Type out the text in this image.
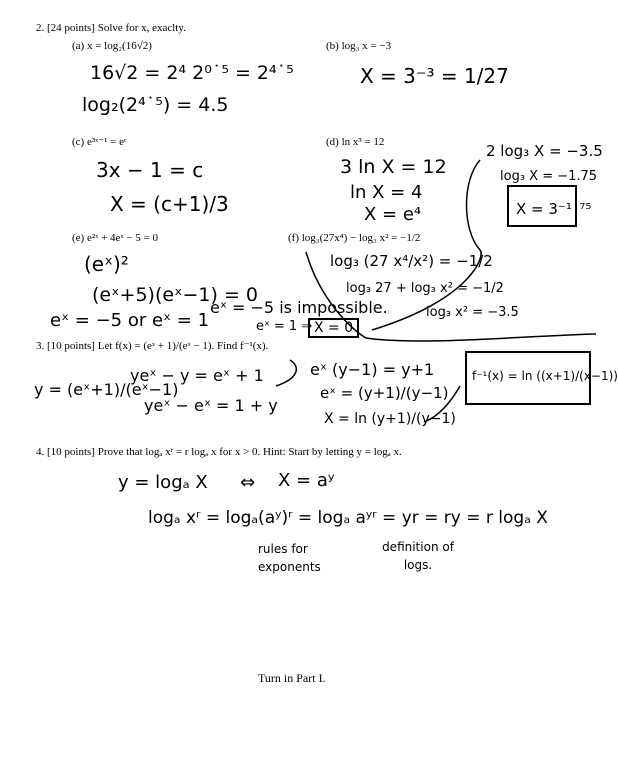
2. [24 points] Solve for x, exaclty.
(a) x = log₂(16√2)	(b) log₃ x = −3
(c) e³ˣ⁻¹ = eᶜ	(d) ln x³ = 12
(e) e²ˣ + 4eˣ − 5 = 0	(f) log₃(27x⁴) − log₃ x² = −1/2
16√2 = 2⁴ 2⁰˙⁵ = 2⁴˙⁵
log₂(2⁴˙⁵) = 4.5
X = 3⁻³ = 1/27
3x − 1 = c
X = (c+1)/3
3 ln X = 12
ln X = 4
X = e⁴
(eˣ)²
(eˣ+5)(eˣ−1) = 0
eˣ = −5 or eˣ = 1
eˣ = −5 is impossible.
eˣ = 1 ⇒ X = 0
log₃ (27 x⁴/x²) = −1/2
log₃ 27 + log₃ x² = −1/2
log₃ x² = −3.5
2 log₃ X = −3.5
log₃ X = −1.75
X = 3⁻¹˙⁷⁵
3. [10 points] Let f(x) = (eˣ + 1)/(eˣ − 1). Find f⁻¹(x).
y = (eˣ+1)/(eˣ−1)
yeˣ − y = eˣ + 1
yeˣ − eˣ = 1 + y
eˣ (y−1) = y+1
eˣ = (y+1)/(y−1)
X = ln (y+1)/(y−1)
f⁻¹(x) = ln ((x+1)/(x−1))
4. [10 points] Prove that logₐ xʳ = r logₐ x for x > 0. Hint: Start by letting y = logₐ x.
y = logₐ X ⇔ X = aʸ
logₐ xʳ = logₐ(aʸ)ʳ = logₐ aʸʳ = yr = ry = r logₐ X
rules for exponents
definition of logs.
Turn in Part I.
